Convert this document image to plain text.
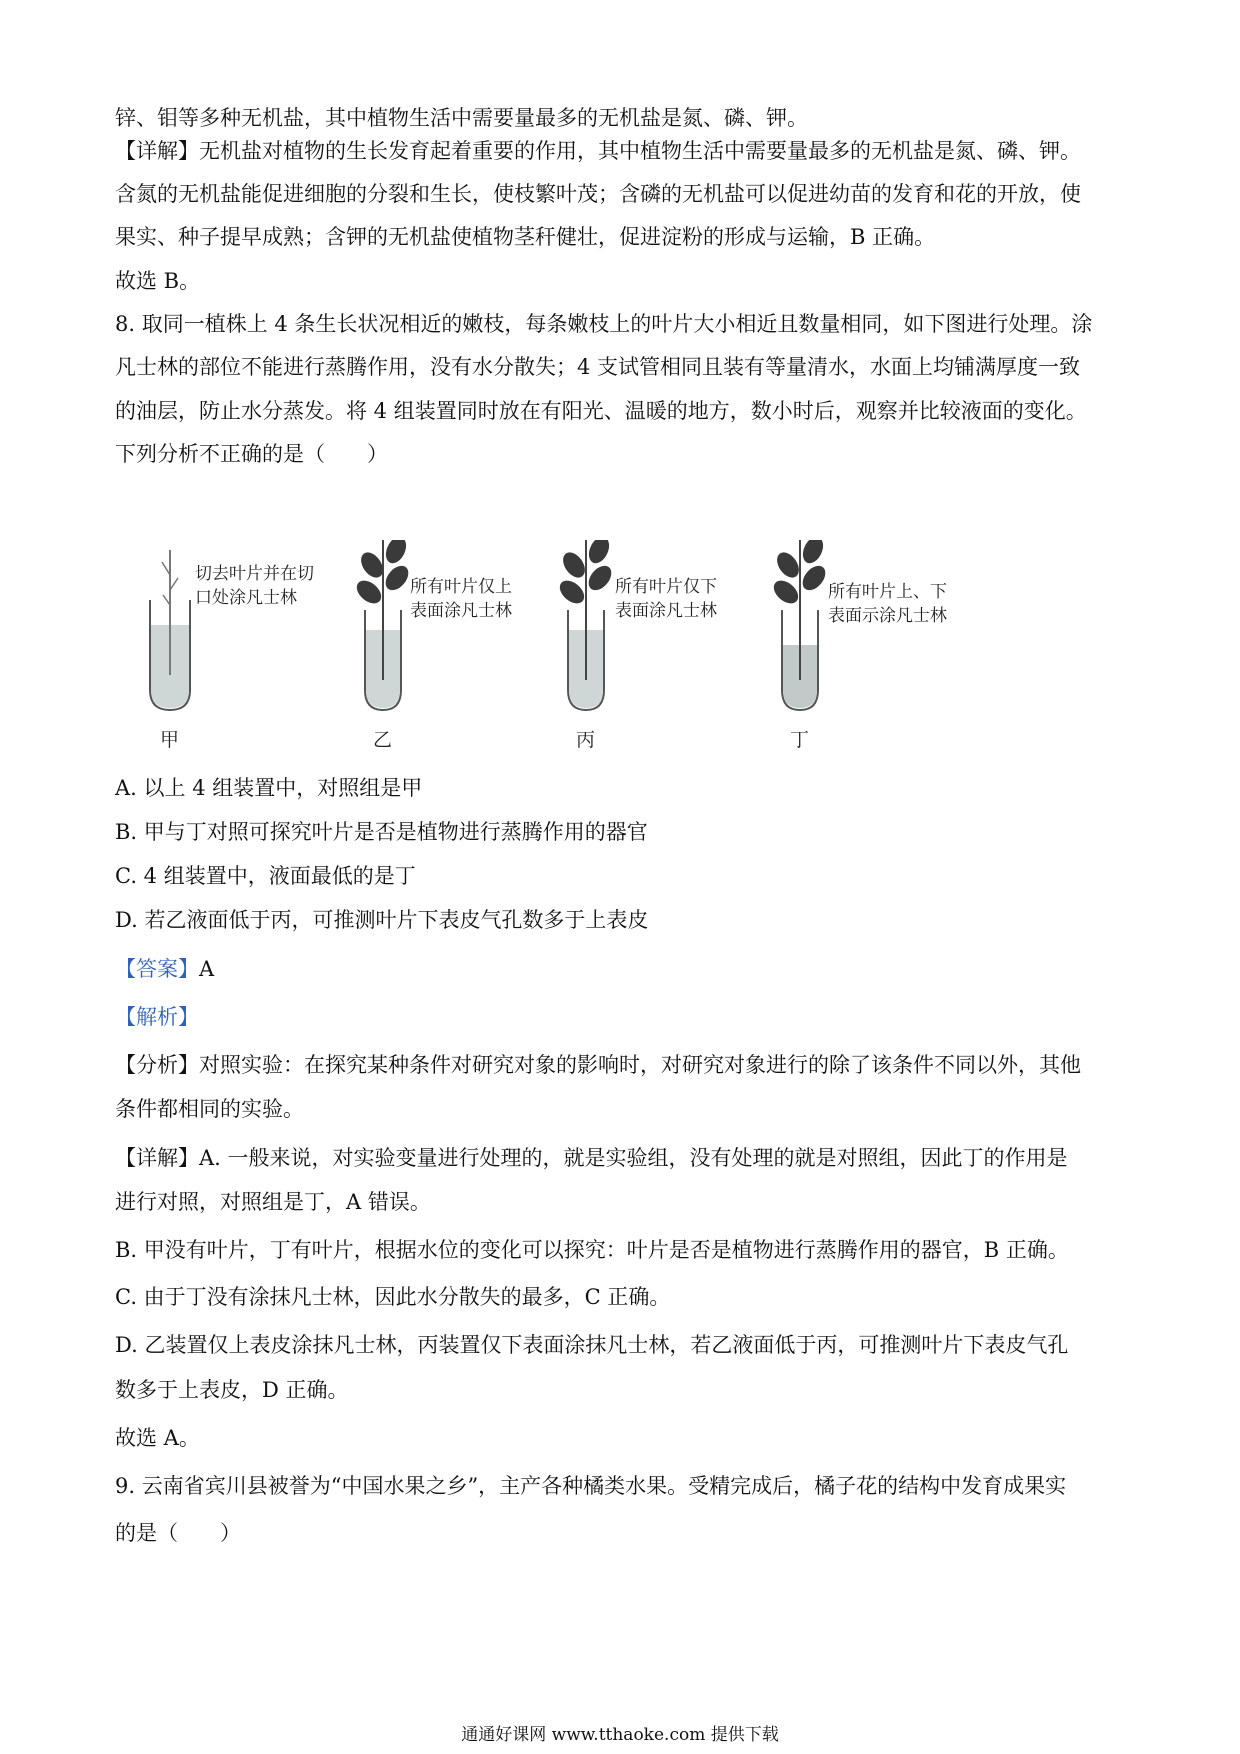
锌、钼等多种无机盐，其中植物生活中需要量最多的无机盐是氮、磷、钾。
【详解】无机盐对植物的生长发育起着重要的作用，其中植物生活中需要量最多的无机盐是氮、磷、钾。
含氮的无机盐能促进细胞的分裂和生长，使枝繁叶茂；含磷的无机盐可以促进幼苗的发育和花的开放，使
果实、种子提早成熟；含钾的无机盐使植物茎秆健壮，促进淀粉的形成与运输，B 正确。
故选 B。
8. 取同一植株上 4 条生长状况相近的嫩枝，每条嫩枝上的叶片大小相近且数量相同，如下图进行处理。涂
凡士林的部位不能进行蒸腾作用，没有水分散失；4 支试管相同且装有等量清水，水面上均铺满厚度一致
的油层，防止水分蒸发。将 4 组装置同时放在有阳光、温暖的地方，数小时后，观察并比较液面的变化。
下列分析不正确的是（　　）
切去叶片并在切
口处涂凡士林
所有叶片仅上
表面涂凡士林
所有叶片仅下
表面涂凡士林
所有叶片上、下
表面示涂凡士林
甲	乙	丙	丁
A. 以上 4 组装置中，对照组是甲
B. 甲与丁对照可探究叶片是否是植物进行蒸腾作用的器官
C. 4 组装置中，液面最低的是丁
D. 若乙液面低于丙，可推测叶片下表皮气孔数多于上表皮
【答案】A
【解析】
【分析】对照实验：在探究某种条件对研究对象的影响时，对研究对象进行的除了该条件不同以外，其他
条件都相同的实验。
【详解】A. 一般来说，对实验变量进行处理的，就是实验组，没有处理的就是对照组，因此丁的作用是
进行对照，对照组是丁，A 错误。
B. 甲没有叶片，丁有叶片，根据水位的变化可以探究：叶片是否是植物进行蒸腾作用的器官，B 正确。
C. 由于丁没有涂抹凡士林，因此水分散失的最多，C 正确。
D. 乙装置仅上表皮涂抹凡士林，丙装置仅下表面涂抹凡士林，若乙液面低于丙，可推测叶片下表皮气孔
数多于上表皮，D 正确。
故选 A。
9. 云南省宾川县被誉为“中国水果之乡”，主产各种橘类水果。受精完成后，橘子花的结构中发育成果实
的是（　　）
通通好课网 www.tthaoke.com 提供下载
